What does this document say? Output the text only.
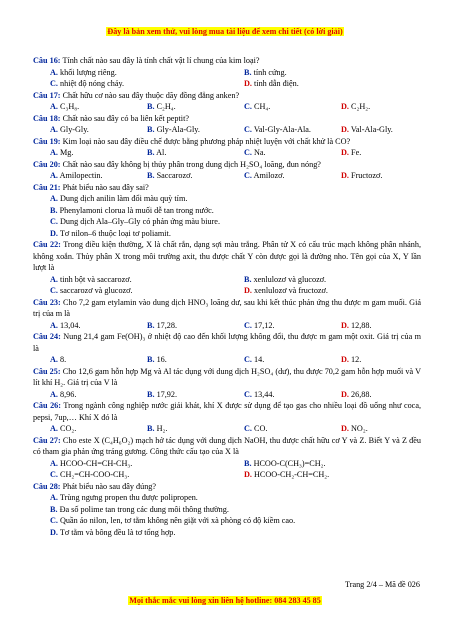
Đây là bản xem thử, vui lòng mua tài liệu để xem chi tiết (có lời giải)

Câu 16: Tính chất nào sau đây là tính chất vật lí chung của kim loại?

A. khối lượng riêng.	B. tính cứng.
C. nhiệt độ nóng chảy.	D. tính dẫn điện.

Câu 17: Chất hữu cơ nào sau đây thuộc dãy đồng đẳng anken?

A. C₃H₈.	B. C₂H₄.	C. CH₄.	D. C₂H₂.

Câu 18: Chất nào sau đây có ba liên kết peptit?

A. Gly-Gly.	B. Gly-Ala-Gly.	C. Val-Gly-Ala-Ala.	D. Val-Ala-Gly.

Câu 19: Kim loại nào sau đây điều chế được bằng phương pháp nhiệt luyện với chất khử là CO?

A. Mg.	B. Al.	C. Na.	D. Fe.

Câu 20: Chất nào sau đây không bị thủy phân trong dung dịch H₂SO₄ loãng, đun nóng?

A. Amilopectin.	B. Saccarozơ.	C. Amilozơ.	D. Fructozơ.

Câu 21: Phát biểu nào sau đây sai?

A. Dung dịch anilin làm đổi màu quỳ tím.
B. Phenylamoni clorua là muối dễ tan trong nước.
C. Dung dịch Ala–Gly–Gly có phản ứng màu biure.
D. Tơ nilon–6 thuộc loại tơ poliamit.

Câu 22: Trong điều kiện thường, X là chất rắn, dạng sợi màu trắng. Phân tử X có cấu trúc mạch không phân nhánh, không xoắn. Thủy phân X trong môi trường axit, thu được chất Y còn được gọi là đường nho. Tên gọi của X, Y lần lượt là

A. tinh bột và saccarozơ.	B. xenlulozơ và glucozơ.
C. saccarozơ và glucozơ.	D. xenlulozơ và fructozơ.

Câu 23: Cho 7,2 gam etylamin vào dung dịch HNO₃ loãng dư, sau khi kết thúc phản ứng thu được m gam muối. Giá trị của m là

A. 13,04.	B. 17,28.	C. 17,12.	D. 12,88.

Câu 24: Nung 21,4 gam Fe(OH)₃ ở nhiệt độ cao đến khối lượng không đổi, thu được m gam một oxit. Giá trị của m là

A. 8.	B. 16.	C. 14.	D. 12.

Câu 25: Cho 12,6 gam hỗn hợp Mg và Al tác dụng với dung dịch H₂SO₄ (dư), thu được 70,2 gam hỗn hợp muối và V lít khí H₂. Giá trị của V là

A. 8,96.	B. 17,92.	C. 13,44.	D. 26,88.

Câu 26: Trong ngành công nghiệp nước giải khát, khí X được sử dụng để tạo gas cho nhiều loại đồ uống như coca, pepsi, 7up,… Khí X đó là

A. CO₂.	B. H₂.	C. CO.	D. NO₂.

Câu 27: Cho este X (C₄H₆O₂) mạch hở tác dụng với dung dịch NaOH, thu được chất hữu cơ Y và Z. Biết Y và Z đều có tham gia phản ứng tráng gương. Công thức cấu tạo của X là

A. HCOO-CH=CH-CH₃.	B. HCOO-C(CH₃)=CH₂.
C. CH₂=CH-COO-CH₃.	D. HCOO-CH₂-CH=CH₂.

Câu 28: Phát biểu nào sau đây đúng?

A. Trùng ngưng propen thu được polipropen.
B. Đa số polime tan trong các dung môi thông thường.
C. Quần áo nilon, len, tơ tằm không nên giặt với xà phòng có độ kiềm cao.
D. Tơ tằm và bông đều là tơ tổng hợp.
Trang 2/4 – Mã đề 026
Mọi thắc mắc vui lòng xin liên hệ hotline: 084 283 45 85
